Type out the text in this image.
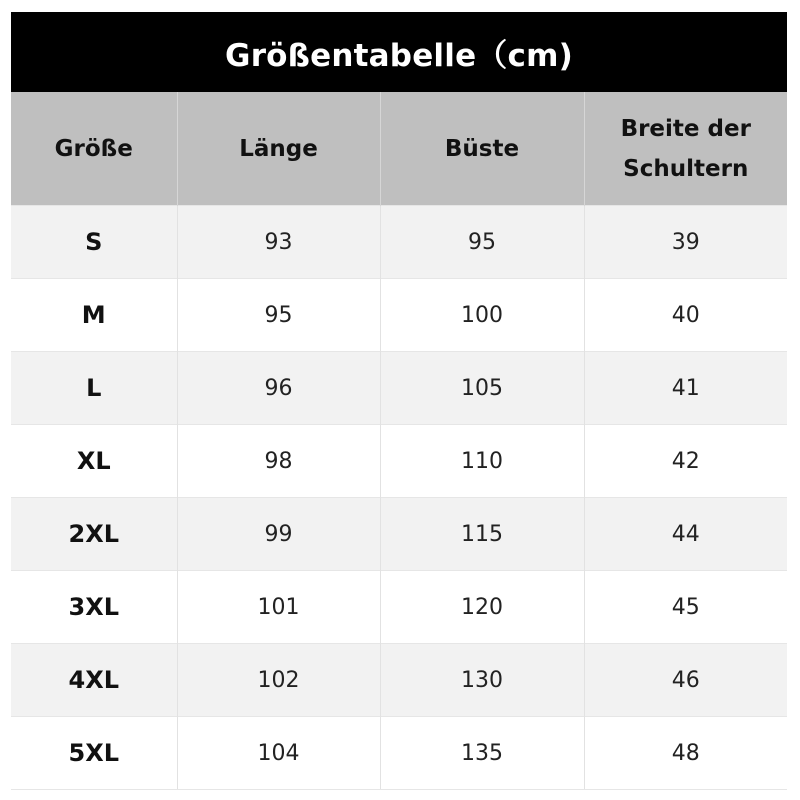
Größentabelle（cm)
Größe	Länge	Büste	Breite der Schultern
S	93	95	39
M	95	100	40
L	96	105	41
XL	98	110	42
2XL	99	115	44
3XL	101	120	45
4XL	102	130	46
5XL	104	135	48
